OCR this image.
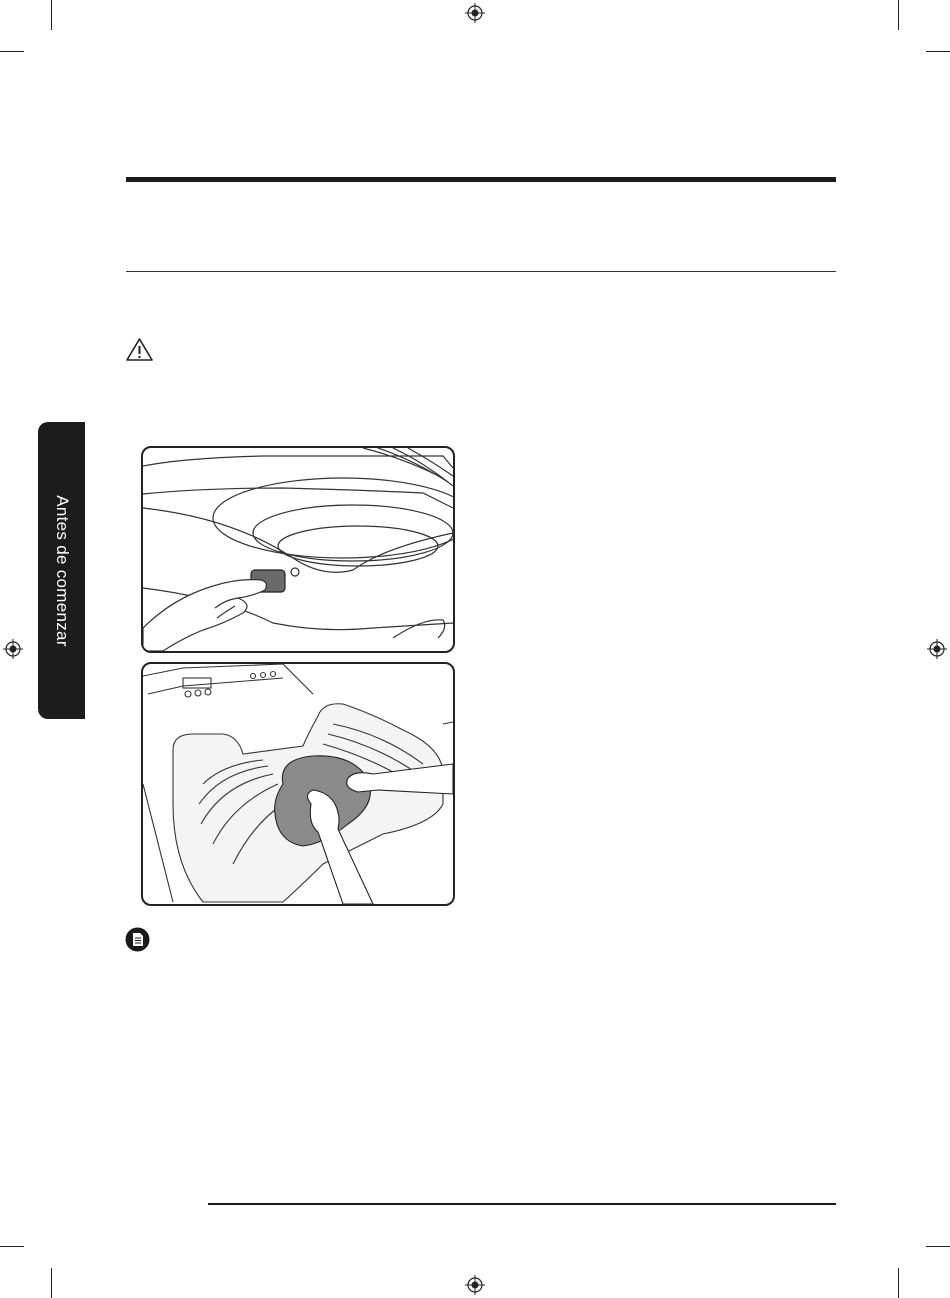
Antes de comenzar
